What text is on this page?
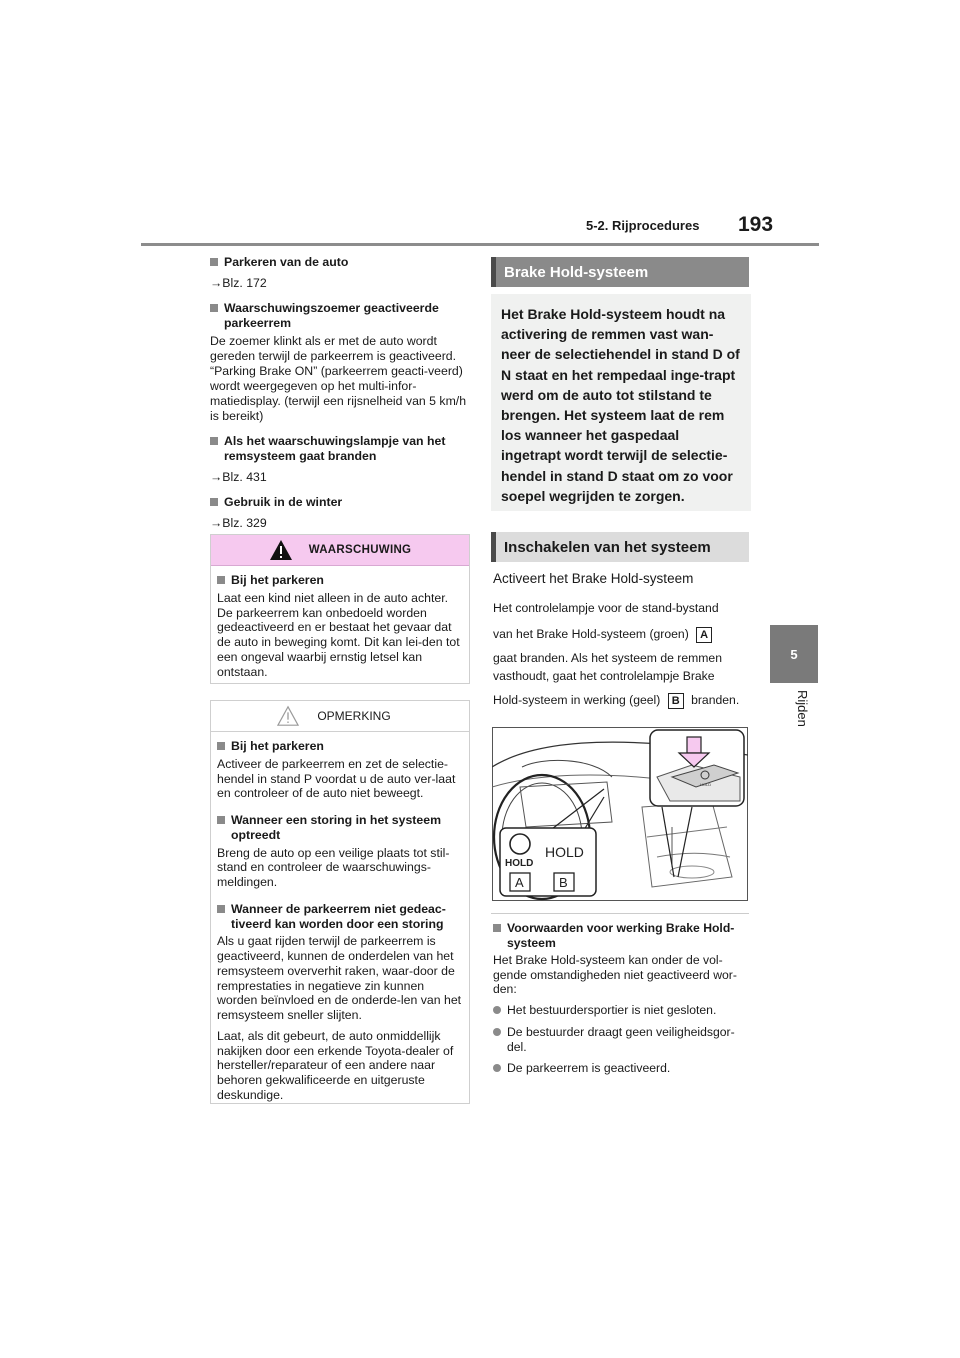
5-2. Rijprocedures 193
5
Rijden
Parkeren van de auto
→Blz. 172
Waarschuwingszoemer geactiveerde parkeerrem
De zoemer klinkt als er met de auto wordt gereden terwijl de parkeerrem is geactiveerd. “Parking Brake ON” (parkeerrem geacti-veerd) wordt weergegeven op het multi-infor-matiedisplay. (terwijl een rijsnelheid van 5 km/h is bereikt)
Als het waarschuwingslampje van het remsysteem gaat branden
→Blz. 431
Gebruik in de winter
→Blz. 329
WAARSCHUWING
Bij het parkeren
Laat een kind niet alleen in de auto achter. De parkeerrem kan onbedoeld worden gedeactiveerd en er bestaat het gevaar dat de auto in beweging komt. Dit kan lei-den tot een ongeval waarbij ernstig letsel kan ontstaan.
OPMERKING
Bij het parkeren
Activeer de parkeerrem en zet de selectie-hendel in stand P voordat u de auto ver-laat en controleer of de auto niet beweegt.
Wanneer een storing in het systeem optreedt
Breng de auto op een veilige plaats tot stil-stand en controleer de waarschuwings-meldingen.
Wanneer de parkeerrem niet gedeac-tiveerd kan worden door een storing
Als u gaat rijden terwijl de parkeerrem is geactiveerd, kunnen de onderdelen van het remsysteem oververhit raken, waar-door de remprestaties in negatieve zin kunnen worden beïnvloed en de onderde-len van het remsysteem sneller slijten.
Laat, als dit gebeurt, de auto onmiddellijk nakijken door een erkende Toyota-dealer of hersteller/reparateur of een andere naar behoren gekwalificeerde en uitgeruste deskundige.
Brake Hold-systeem
Het Brake Hold-systeem houdt na activering de remmen vast wan-neer de selectiehendel in stand D of N staat en het rempedaal inge-trapt werd om de auto tot stilstand te brengen. Het systeem laat de rem los wanneer het gaspedaal ingetrapt wordt terwijl de selectie-hendel in stand D staat om zo voor soepel wegrijden te zorgen.
Inschakelen van het systeem
Activeert het Brake Hold-systeem
Het controlelampje voor de stand-bystand
van het Brake Hold-systeem (groen) A
gaat branden. Als het systeem de remmen
vasthoudt, gaat het controlelampje Brake
Hold-systeem in werking (geel) B branden.
HOLD
HOLD
HOLD
A	B
Voorwaarden voor werking Brake Hold-systeem
Het Brake Hold-systeem kan onder de vol-gende omstandigheden niet geactiveerd wor-den:
Het bestuurdersportier is niet gesloten.
De bestuurder draagt geen veiligheidsgor-del.
De parkeerrem is geactiveerd.
